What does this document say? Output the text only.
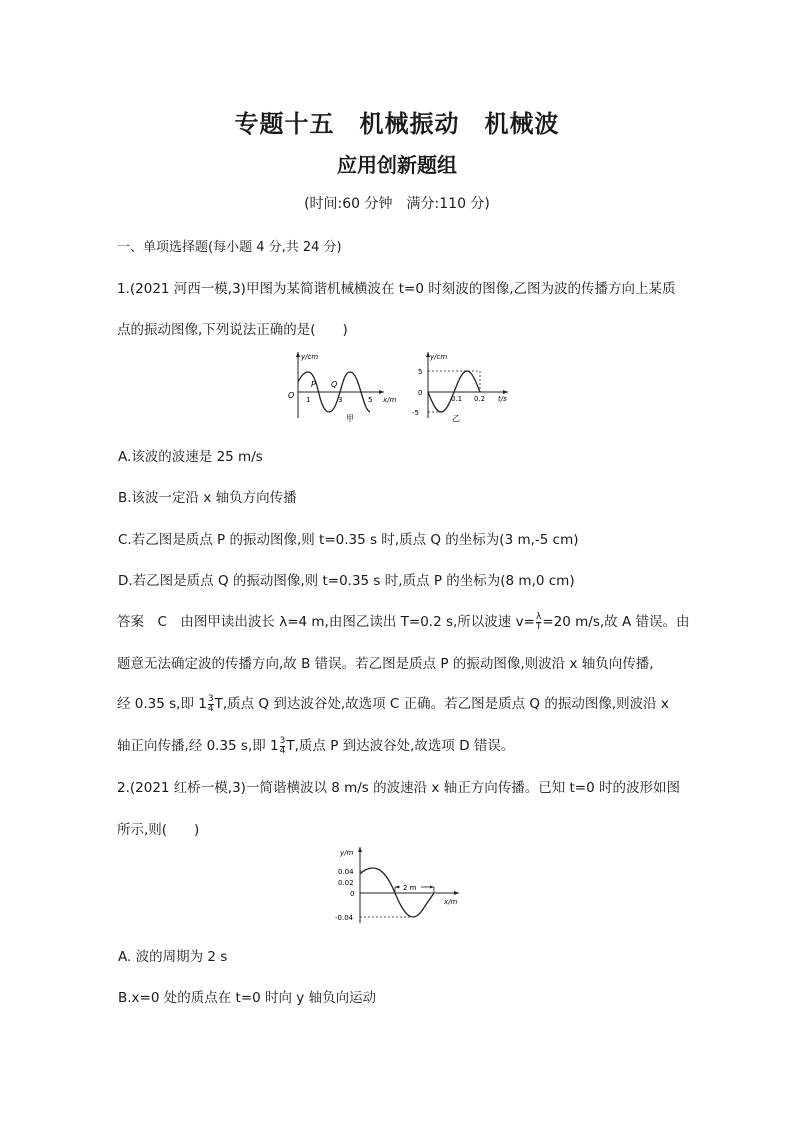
专题十五　机械振动　机械波
应用创新题组
(时间:60 分钟　满分:110 分)
一、单项选择题(每小题 4 分,共 24 分)
1.(2021 河西一模,3)甲图为某简谐机械横波在 t=0 时刻波的图像,乙图为波的传播方向上某质
点的振动图像,下列说法正确的是(　　)
y/cm
x/m
O
P Q
1	3	5
甲
y/cm
t/s
5
0
-5
0.1 0.2
乙
A.该波的波速是 25 m/s
B.该波一定沿 x 轴负方向传播
C.若乙图是质点 P 的振动图像,则 t=0.35 s 时,质点 Q 的坐标为(3 m,-5 cm)
D.若乙图是质点 Q 的振动图像,则 t=0.35 s 时,质点 P 的坐标为(8 m,0 cm)
答案　C　由图甲读出波长 λ=4 m,由图乙读出 T=0.2 s,所以波速 $v= \frac{\lambda}{T} =20$ m/s,故 A 错误。由
题意无法确定波的传播方向,故 B 错误。若乙图是质点 P 的振动图像,则波沿 x 轴负向传播,
经 0.35 s,即 $1 \frac{3}{4} T$,质点 Q 到达波谷处,故选项 C 正确。若乙图是质点 Q 的振动图像,则波沿 x
轴正向传播,经 0.35 s,即 $1 \frac{3}{4} T$,质点 P 到达波谷处,故选项 D 错误。
2.(2021 红桥一模,3)一简谐横波以 8 m/s 的波速沿 x 轴正方向传播。已知 t=0 时的波形如图
所示,则(　　)
y/m
x/m
0.04
0.02
0
-0.04
2 m
A. 波的周期为 2 s
B.x=0 处的质点在 t=0 时向 y 轴负向运动
